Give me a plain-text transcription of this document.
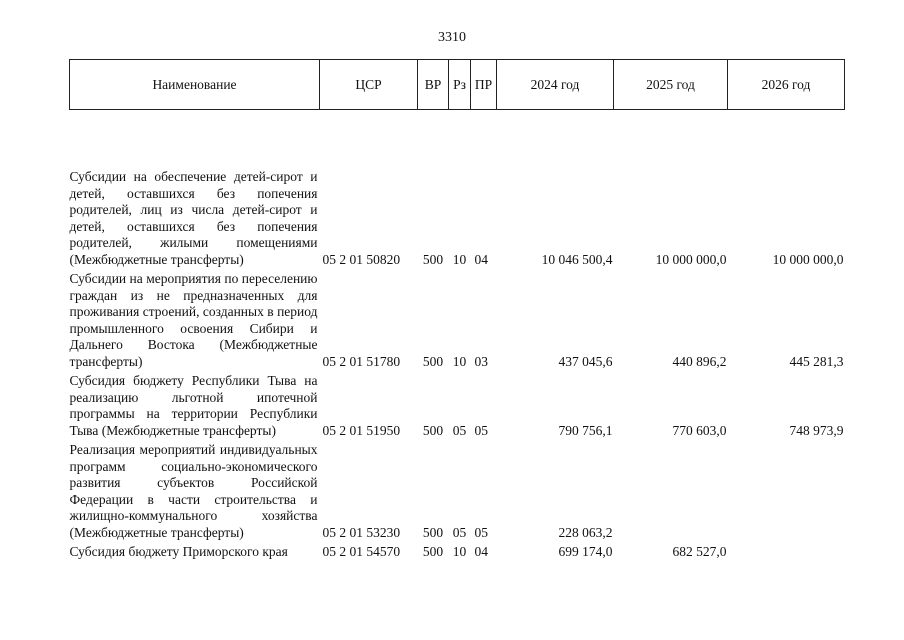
3310
Наименование	ЦСР	ВР	Рз	ПР	2024 год	2025 год	2026 год
Субсидии на обеспечение детей-сирот и детей, оставшихся без попечения родителей, лиц из числа детей-сирот и детей, оставшихся без попечения родителей, жилыми помещениями (Межбюджетные трансферты)	05 2 01 50820	500	10	04	10 046 500,4	10 000 000,0	10 000 000,0
Субсидии на мероприятия по переселению граждан из не предназначенных для проживания строений, созданных в период промышленного освоения Сибири и Дальнего Востока (Межбюджетные трансферты)	05 2 01 51780	500	10	03	437 045,6	440 896,2	445 281,3
Субсидия бюджету Республики Тыва на реализацию льготной ипотечной программы на территории Республики Тыва (Межбюджетные трансферты)	05 2 01 51950	500	05	05	790 756,1	770 603,0	748 973,9
Реализация мероприятий индивидуальных программ социально-экономического развития субъектов Российской Федерации в части строительства и жилищно-коммунального хозяйства (Межбюджетные трансферты)	05 2 01 53230	500	05	05	228 063,2		
Субсидия бюджету Приморского края	05 2 01 54570	500	10	04	699 174,0	682 527,0	
